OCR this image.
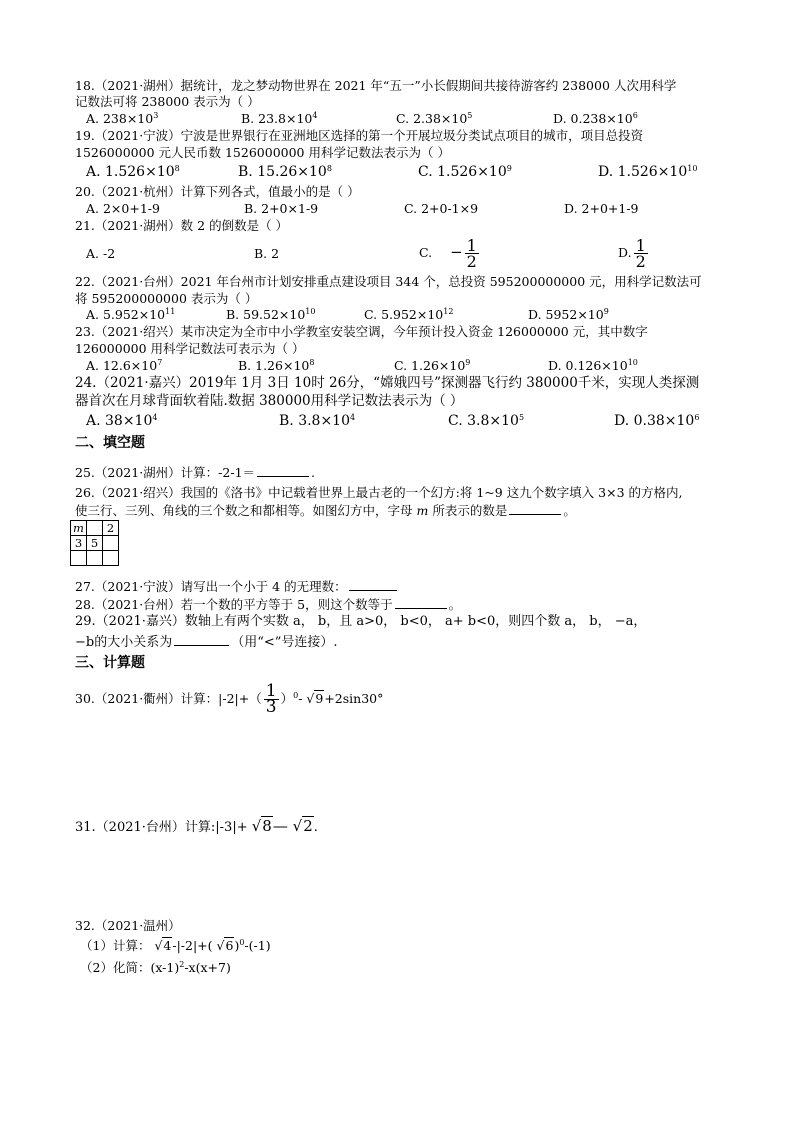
18.（2021·湖州）据统计，龙之梦动物世界在 2021 年“五一”小长假期间共接待游客约 238000 人次用科学
记数法可将 238000 表示为（ ）
A. $238\times 10^3$	B. $23.8\times 10^4$	C. $2.38\times 10^5$	D. $0.238\times 10^6$
19.（2021·宁波）宁波是世界银行在亚洲地区选择的第一个开展垃圾分类试点项目的城市，项目总投资
1526000000 元人民币数 1526000000 用科学记数法表示为（ ）
A. $1.526\times 10^8$	B. $15.26\times 10^8$	C. $1.526\times 10^9$	D. $1.526\times 10^{10}$
20.（2021·杭州）计算下列各式，值最小的是（ ）
A. 2×0+1-9	B. 2+0×1-9	C. 2+0-1×9	D. 2+0+1-9
21.（2021·湖州）数 2 的倒数是（ ）
A. -2	B. 2	C. − $\frac{1}{2}$	D. $\frac{1}{2}$
22.（2021·台州）2021 年台州市计划安排重点建设项目 344 个，总投资 595200000000 元，用科学记数法可
将 595200000000 表示为（ ）
A. $5.952\times 10^{11}$	B. $59.52\times 10^{10}$	C. $5.952\times 10^{12}$	D. $5952\times 10^9$
23.（2021·绍兴）某市决定为全市中小学教室安装空调，今年预计投入资金 126000000 元，其中数字
126000000 用科学记数法可表示为（ ）
A. $12.6\times 10^7$	B. $1.26\times 10^8$	C. $1.26\times 10^9$	D. $0.126\times 10^{10}$
24.（2021·嘉兴）2019年 1月 3日 10时 26分，“嫦娥四号”探测器飞行约 380000千米，实现人类探测
器首次在月球背面软着陆.数据 380000用科学记数法表示为（ ）
A. $38\times 10^4$	B. $3.8\times 10^4$	C. $3.8\times 10^5$	D. $0.38\times 10^6$
二、填空题
25.（2021·湖州）计算：-2-1＝	.
26.（2021·绍兴）我国的《洛书》中记载着世界上最古老的一个幻方:将 1~9 这九个数字填入 3×3 的方格内,
使三行、三列、角线的三个数之和都相等。如图幻方中，字母 m 所表示的数是	。
m		2
3	5	

27.（2021·宁波）请写出一个小于 4 的无理数：
28.（2021·台州）若一个数的平方等于 5，则这个数等于	。
29.（2021·嘉兴）数轴上有两个实数 a， b，且 a>0， b<0， a+ b<0，则四个数 a， b， −a，
−b的大小关系为	（用“<”号连接）.
三、计算题
30.（2021·衢州）计算：$|-2|+( \frac{1}{3} )^0-$ √9+2sin30°
31.（2021·台州）计算:|-3|+ √8— √2.
32.（2021·温州）
（1）计算： √4-|-2|+( √6)$^0$-(-1)
（2）化简：$(x-1)^2-x(x+7)$
